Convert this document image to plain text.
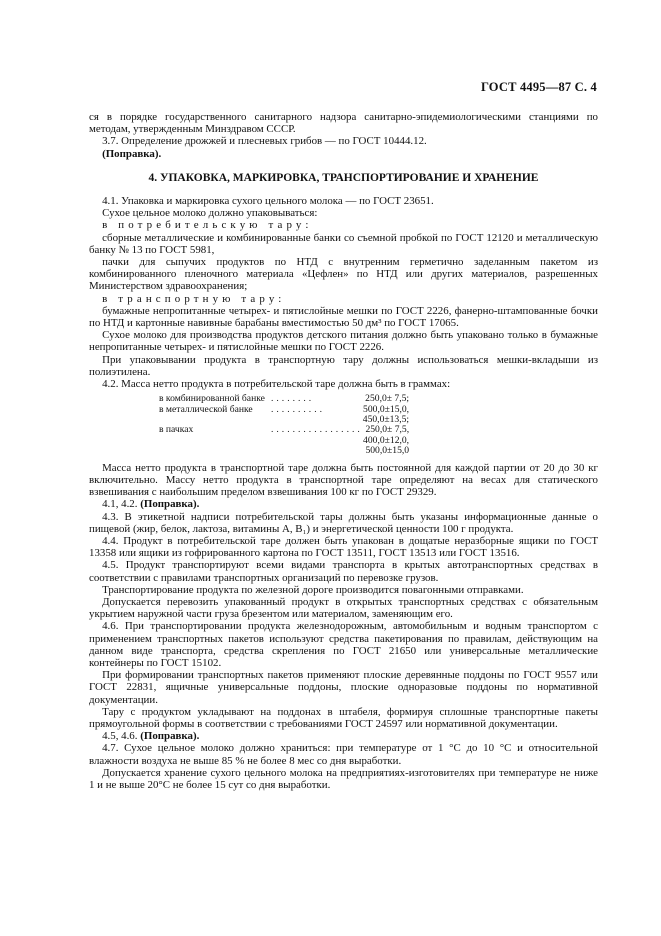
ГОСТ 4495—87 С. 4

ся в порядке государственного санитарного надзора санитарно-эпидемиологическими станциями по методам, утвержденным Минздравом СССР.

3.7. Определение дрожжей и плесневых грибов — по ГОСТ 10444.12.

(Поправка).

4. УПАКОВКА, МАРКИРОВКА, ТРАНСПОРТИРОВАНИЕ И ХРАНЕНИЕ

4.1. Упаковка и маркировка сухого цельного молока — по ГОСТ 23651.

Сухое цельное молоко должно упаковываться:

в потребительскую тару:

сборные металлические и комбинированные банки со съемной пробкой по ГОСТ 12120 и металлическую банку № 13 по ГОСТ 5981,

пачки для сыпучих продуктов по НТД с внутренним герметично заделанным пакетом из комбинированного пленочного материала «Цефлен» по НТД или других материалов, разрешенных Министерством здравоохранения;

в транспортную тару:

бумажные непропитанные четырех- и пятислойные мешки по ГОСТ 2226, фанерно-штампованные бочки по НТД и картонные навивные барабаны вместимостью 50 дм³ по ГОСТ 17065.

Сухое молоко для производства продуктов детского питания должно быть упаковано только в бумажные непропитанные четырех- и пятислойные мешки по ГОСТ 2226.

При упаковывании продукта в транспортную тару должны использоваться мешки-вкладыши из полиэтилена.

4.2. Масса нетто продукта в потребительской таре должна быть в граммах:

в комбинированной банке	........	250,0± 7,5;
в металлической банке	..........	500,0±15,0,
		450,0±13,5;
в пачках	.................	250,0± 7,5,
		400,0±12,0,
		500,0±15,0

Масса нетто продукта в транспортной таре должна быть постоянной для каждой партии от 20 до 30 кг включительно. Массу нетто продукта в транспортной таре определяют на весах для статического взвешивания с наибольшим пределом взвешивания 100 кг по ГОСТ 29329.

4.1, 4.2. (Поправка).

4.3. В этикетной надписи потребительской тары должны быть указаны информационные данные о пищевой (жир, белок, лактоза, витамины А, В₁) и энергетической ценности 100 г продукта.

4.4. Продукт в потребительской таре должен быть упакован в дощатые неразборные ящики по ГОСТ 13358 или ящики из гофрированного картона по ГОСТ 13511, ГОСТ 13513 или ГОСТ 13516.

4.5. Продукт транспортируют всеми видами транспорта в крытых автотранспортных средствах в соответствии с правилами транспортных организаций по перевозке грузов.

Транспортирование продукта по железной дороге производится повагонными отправками.

Допускается перевозить упакованный продукт в открытых транспортных средствах с обязательным укрытием наружной части груза брезентом или материалом, заменяющим его.

4.6. При транспортировании продукта железнодорожным, автомобильным и водным транспортом с применением транспортных пакетов используют средства пакетирования по правилам, действующим на данном виде транспорта, средства скрепления по ГОСТ 21650 или универсальные металлические контейнеры по ГОСТ 15102.

При формировании транспортных пакетов применяют плоские деревянные поддоны по ГОСТ 9557 или ГОСТ 22831, ящичные универсальные поддоны, плоские одноразовые поддоны по нормативной документации.

Тару с продуктом укладывают на поддонах в штабеля, формируя сплошные транспортные пакеты прямоугольной формы в соответствии с требованиями ГОСТ 24597 или нормативной документации.

4.5, 4.6. (Поправка).

4.7. Сухое цельное молоко должно храниться: при температуре от 1 °С до 10 °С и относительной влажности воздуха не выше 85 % не более 8 мес со дня выработки.

Допускается хранение сухого цельного молока на предприятиях-изготовителях при температуре не ниже 1 и не выше 20°С не более 15 сут со дня выработки.
